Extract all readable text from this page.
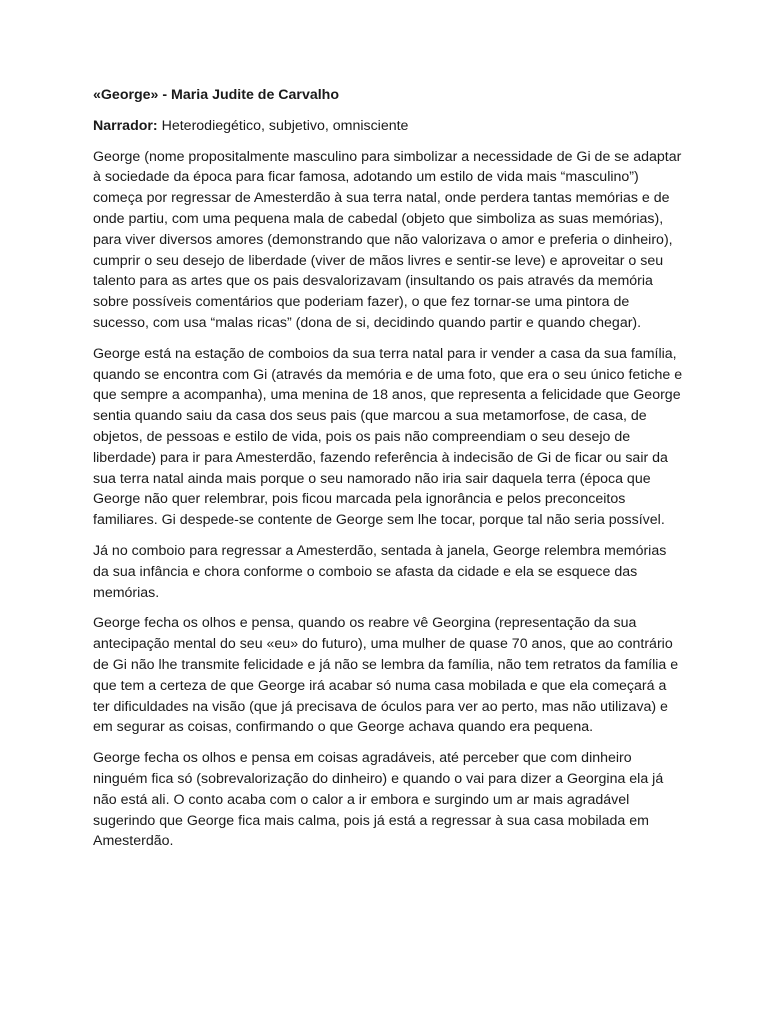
«George» - Maria Judite de Carvalho

Narrador: Heterodiegético, subjetivo, omnisciente

George (nome propositalmente masculino para simbolizar a necessidade de Gi de se adaptar à sociedade da época para ficar famosa, adotando um estilo de vida mais “masculino”) começa por regressar de Amesterdão à sua terra natal, onde perdera tantas memórias e de onde partiu, com uma pequena mala de cabedal (objeto que simboliza as suas memórias), para viver diversos amores (demonstrando que não valorizava o amor e preferia o dinheiro), cumprir o seu desejo de liberdade (viver de mãos livres e sentir-se leve) e aproveitar o seu talento para as artes que os pais desvalorizavam (insultando os pais através da memória sobre possíveis comentários que poderiam fazer), o que fez tornar-se uma pintora de sucesso, com usa “malas ricas” (dona de si, decidindo quando partir e quando chegar).

George está na estação de comboios da sua terra natal para ir vender a casa da sua família, quando se encontra com Gi (através da memória e de uma foto, que era o seu único fetiche e que sempre a acompanha), uma menina de 18 anos, que representa a felicidade que George sentia quando saiu da casa dos seus pais (que marcou a sua metamorfose, de casa, de objetos, de pessoas e estilo de vida, pois os pais não compreendiam o seu desejo de liberdade) para ir para Amesterdão, fazendo referência à indecisão de Gi de ficar ou sair da sua terra natal ainda mais porque o seu namorado não iria sair daquela terra (época que George não quer relembrar, pois ficou marcada pela ignorância e pelos preconceitos familiares. Gi despede-se contente de George sem lhe tocar, porque tal não seria possível.

Já no comboio para regressar a Amesterdão, sentada à janela, George relembra memórias da sua infância e chora conforme o comboio se afasta da cidade e ela se esquece das memórias.

George fecha os olhos e pensa, quando os reabre vê Georgina (representação da sua antecipação mental do seu «eu» do futuro), uma mulher de quase 70 anos, que ao contrário de Gi não lhe transmite felicidade e já não se lembra da família, não tem retratos da família e que tem a certeza de que George irá acabar só numa casa mobilada e que ela começará a ter dificuldades na visão (que já precisava de óculos para ver ao perto, mas não utilizava) e em segurar as coisas, confirmando o que George achava quando era pequena.

George fecha os olhos e pensa em coisas agradáveis, até perceber que com dinheiro ninguém fica só (sobrevalorização do dinheiro) e quando o vai para dizer a Georgina ela já não está ali. O conto acaba com o calor a ir embora e surgindo um ar mais agradável sugerindo que George fica mais calma, pois já está a regressar à sua casa mobilada em Amesterdão.
